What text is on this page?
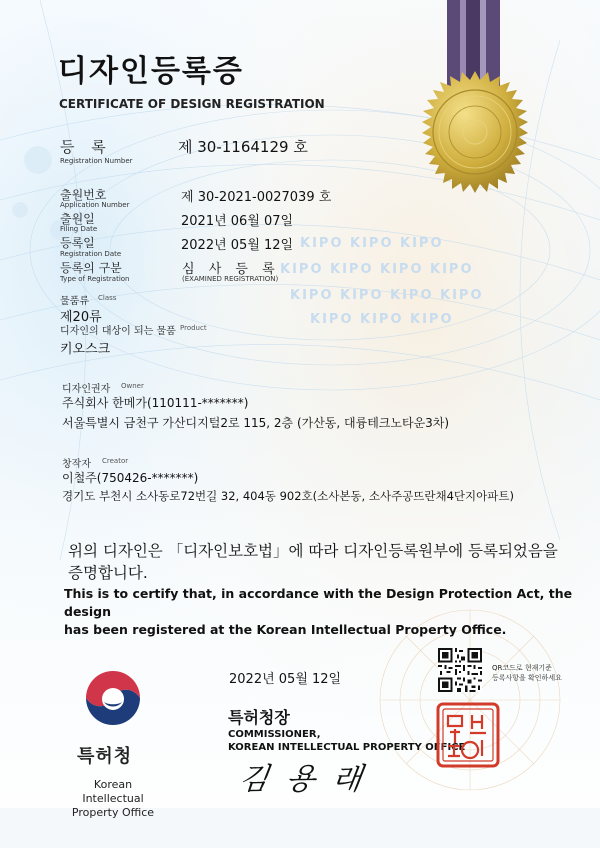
KIPO KIPO KIPO
KIPO KIPO KIPO KIPO
KIPO KIPO KIPO KIPO
KIPO KIPO KIPO
디자인등록증
CERTIFICATE OF DESIGN REGISTRATION
등 록
Registration Number
제 30-1164129 호
출원번호
Application Number	제 30-2021-0027039 호
출원일
Filing Date	2021년 06월 07일
등록일
Registration Date
2022년 05월 12일
등록의 구분
Type of Registration
심 사 등 록
(EXAMINED REGISTRATION)
물품류 Class
제20류
디자인의 대상이 되는 물품 Product
키오스크
디자인권자 Owner
주식회사 한메가(110111-*******)
서울특별시 금천구 가산디지털2로 115, 2층 (가산동, 대륭테크노타운3차)
창작자 Creator
이철주(750426-*******)
경기도 부천시 소사동로72번길 32, 404동 902호(소사본동, 소사주공뜨란채4단지아파트)
위의 디자인은 「디자인보호법」에 따라 디자인등록원부에 등록되었음을
증명합니다.
This is to certify that, in accordance with the Design Protection Act, the design
has been registered at the Korean Intellectual Property Office.
2022년 05월 12일
QR코드로 현재기준
등록사항을 확인하세요
특허청장
COMMISSIONER,
KOREAN INTELLECTUAL PROPERTY OFFICE
김 용 래
특허청
Korean Intellectual
Property Office
